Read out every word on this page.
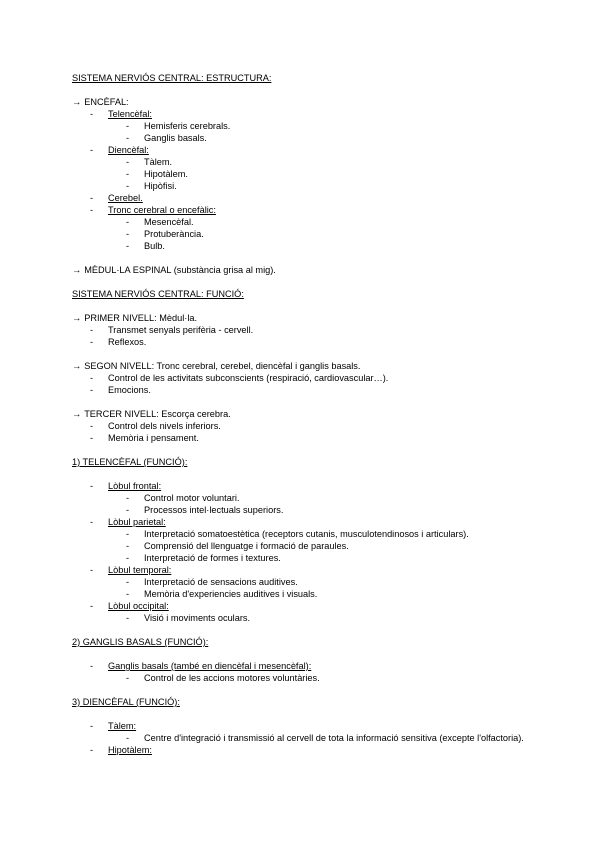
SISTEMA NERVIÓS CENTRAL: ESTRUCTURA:
→ ENCÈFAL:
- Telencèfal:
- Hemisferis cerebrals.
- Ganglis basals.
- Diencèfal:
- Tàlem.
- Hipotàlem.
- Hipòfisi.
- Cerebel.
- Tronc cerebral o encefàlic:
- Mesencèfal.
- Protuberància.
- Bulb.
→ MÈDUL·LA ESPINAL (substància grisa al mig).
SISTEMA NERVIÓS CENTRAL: FUNCIÓ:
→ PRIMER NIVELL: Mèdul·la.
- Transmet senyals perifèria - cervell.
- Reflexos.
→ SEGON NIVELL: Tronc cerebral, cerebel, diencèfal i ganglis basals.
- Control de les activitats subconscients (respiració, cardiovascular…).
- Emocions.
→ TERCER NIVELL: Escorça cerebra.
- Control dels nivels inferiors.
- Memòria i pensament.
1) TELENCÈFAL (FUNCIÓ):
- Lòbul frontal:
- Control motor voluntari.
- Processos intel·lectuals superiors.
- Lòbul parietal:
- Interpretació somatoestètica (receptors cutanis, musculotendinosos i articulars).
- Comprensió del llenguatge i formació de paraules.
- Interpretació de formes i textures.
- Lòbul temporal:
- Interpretació de sensacions auditives.
- Memòria d'experiencies auditives i visuals.
- Lòbul occipital:
- Visió i moviments oculars.
2) GANGLIS BASALS (FUNCIÓ):
- Ganglis basals (també en diencèfal i mesencèfal):
- Control de les accions motores voluntàries.
3) DIENCÈFAL (FUNCIÓ):
- Tàlem:
- Centre d'integració i transmissió al cervell de tota la informació sensitiva (excepte l'olfactoria).
- Hipotàlem:
